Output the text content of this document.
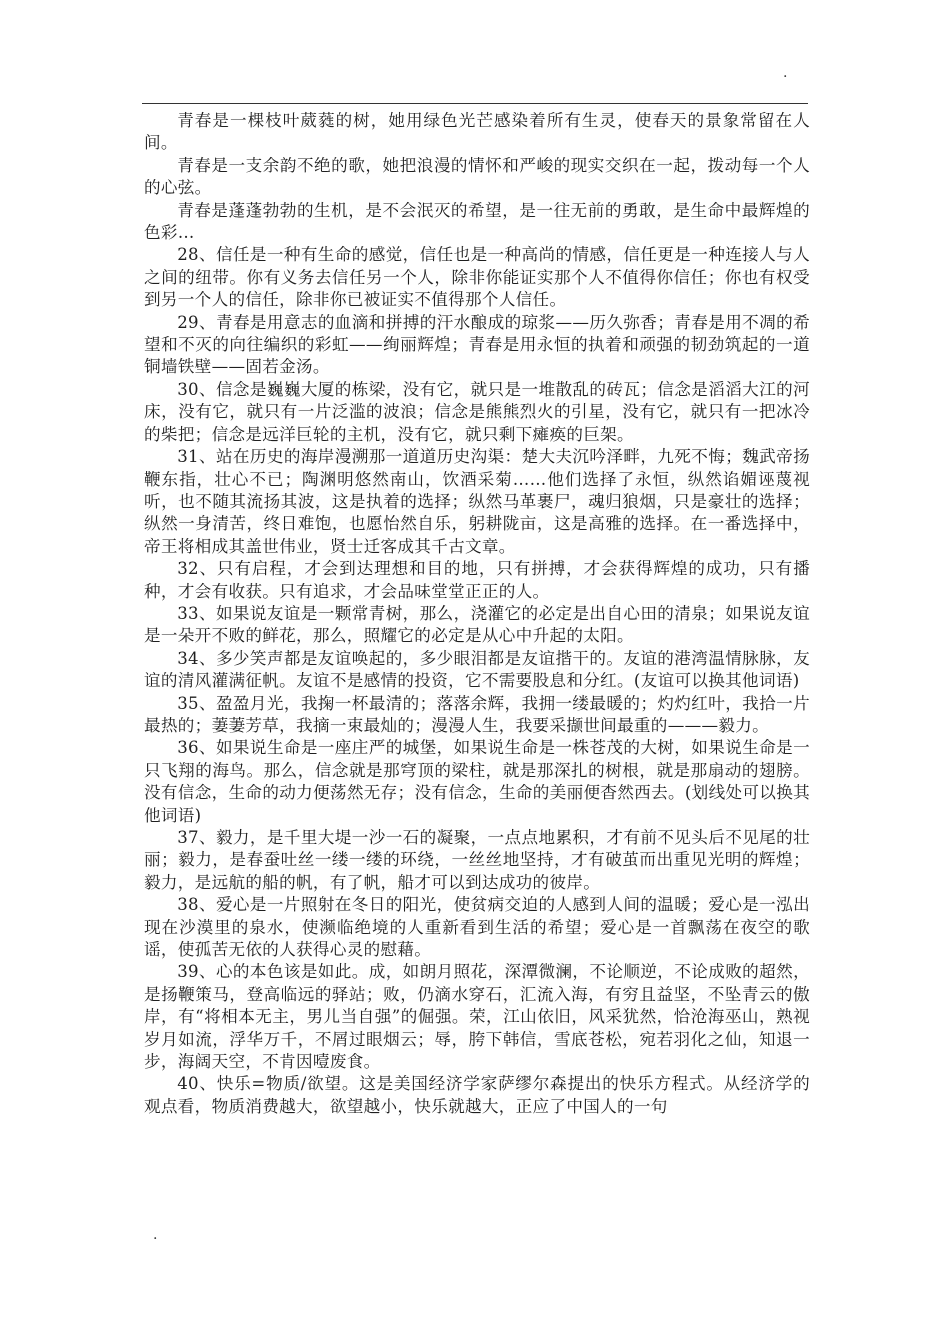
.

青春是一棵枝叶葳蕤的树，她用绿色光芒感染着所有生灵，使春天的景象常留在人间。

青春是一支余韵不绝的歌，她把浪漫的情怀和严峻的现实交织在一起，拨动每一个人的心弦。

青春是蓬蓬勃勃的生机，是不会泯灭的希望，是一往无前的勇敢，是生命中最辉煌的色彩…

28、信任是一种有生命的感觉，信任也是一种高尚的情感，信任更是一种连接人与人之间的纽带。你有义务去信任另一个人，除非你能证实那个人不值得你信任；你也有权受到另一个人的信任，除非你已被证实不值得那个人信任。

29、青春是用意志的血滴和拼搏的汗水酿成的琼浆——历久弥香；青春是用不凋的希望和不灭的向往编织的彩虹——绚丽辉煌；青春是用永恒的执着和顽强的韧劲筑起的一道铜墙铁壁——固若金汤。

30、信念是巍巍大厦的栋梁，没有它，就只是一堆散乱的砖瓦；信念是滔滔大江的河床，没有它，就只有一片泛滥的波浪；信念是熊熊烈火的引星，没有它，就只有一把冰冷的柴把；信念是远洋巨轮的主机，没有它，就只剩下瘫痪的巨架。

31、站在历史的海岸漫溯那一道道历史沟渠：楚大夫沉吟泽畔，九死不悔；魏武帝扬鞭东指，壮心不已；陶渊明悠然南山，饮酒采菊……他们选择了永恒，纵然谄媚诬蔑视听，也不随其流扬其波，这是执着的选择；纵然马革裹尸，魂归狼烟，只是豪壮的选择；纵然一身清苦，终日难饱，也愿怡然自乐，躬耕陇亩，这是高雅的选择。在一番选择中，帝王将相成其盖世伟业，贤士迁客成其千古文章。

32、只有启程，才会到达理想和目的地，只有拼搏，才会获得辉煌的成功，只有播种，才会有收获。只有追求，才会品味堂堂正正的人。

33、如果说友谊是一颗常青树，那么，浇灌它的必定是出自心田的清泉；如果说友谊是一朵开不败的鲜花，那么，照耀它的必定是从心中升起的太阳。

34、多少笑声都是友谊唤起的，多少眼泪都是友谊揩干的。友谊的港湾温情脉脉，友谊的清风灌满征帆。友谊不是感情的投资，它不需要股息和分红。(友谊可以换其他词语)

35、盈盈月光，我掬一杯最清的；落落余辉，我拥一缕最暖的；灼灼红叶，我拾一片最热的；萋萋芳草，我摘一束最灿的；漫漫人生，我要采撷世间最重的———毅力。

36、如果说生命是一座庄严的城堡，如果说生命是一株苍茂的大树，如果说生命是一只飞翔的海鸟。那么，信念就是那穹顶的梁柱，就是那深扎的树根，就是那扇动的翅膀。没有信念，生命的动力便荡然无存；没有信念，生命的美丽便杳然西去。(划线处可以换其他词语)

37、毅力，是千里大堤一沙一石的凝聚，一点点地累积，才有前不见头后不见尾的壮丽；毅力，是春蚕吐丝一缕一缕的环绕，一丝丝地坚持，才有破茧而出重见光明的辉煌；毅力，是远航的船的帆，有了帆，船才可以到达成功的彼岸。

38、爱心是一片照射在冬日的阳光，使贫病交迫的人感到人间的温暖；爱心是一泓出现在沙漠里的泉水，使濒临绝境的人重新看到生活的希望；爱心是一首飘荡在夜空的歌谣，使孤苦无依的人获得心灵的慰藉。

39、心的本色该是如此。成，如朗月照花，深潭微澜，不论顺逆，不论成败的超然，是扬鞭策马，登高临远的驿站；败，仍滴水穿石，汇流入海，有穷且益坚，不坠青云的傲岸，有“将相本无主，男儿当自强”的倔强。荣，江山依旧，风采犹然，恰沧海巫山，熟视岁月如流，浮华万千，不屑过眼烟云；辱，胯下韩信，雪底苍松，宛若羽化之仙，知退一步，海阔天空，不肯因噎废食。

40、快乐=物质/欲望。这是美国经济学家萨缪尔森提出的快乐方程式。从经济学的观点看，物质消费越大，欲望越小，快乐就越大，正应了中国人的一句

.
